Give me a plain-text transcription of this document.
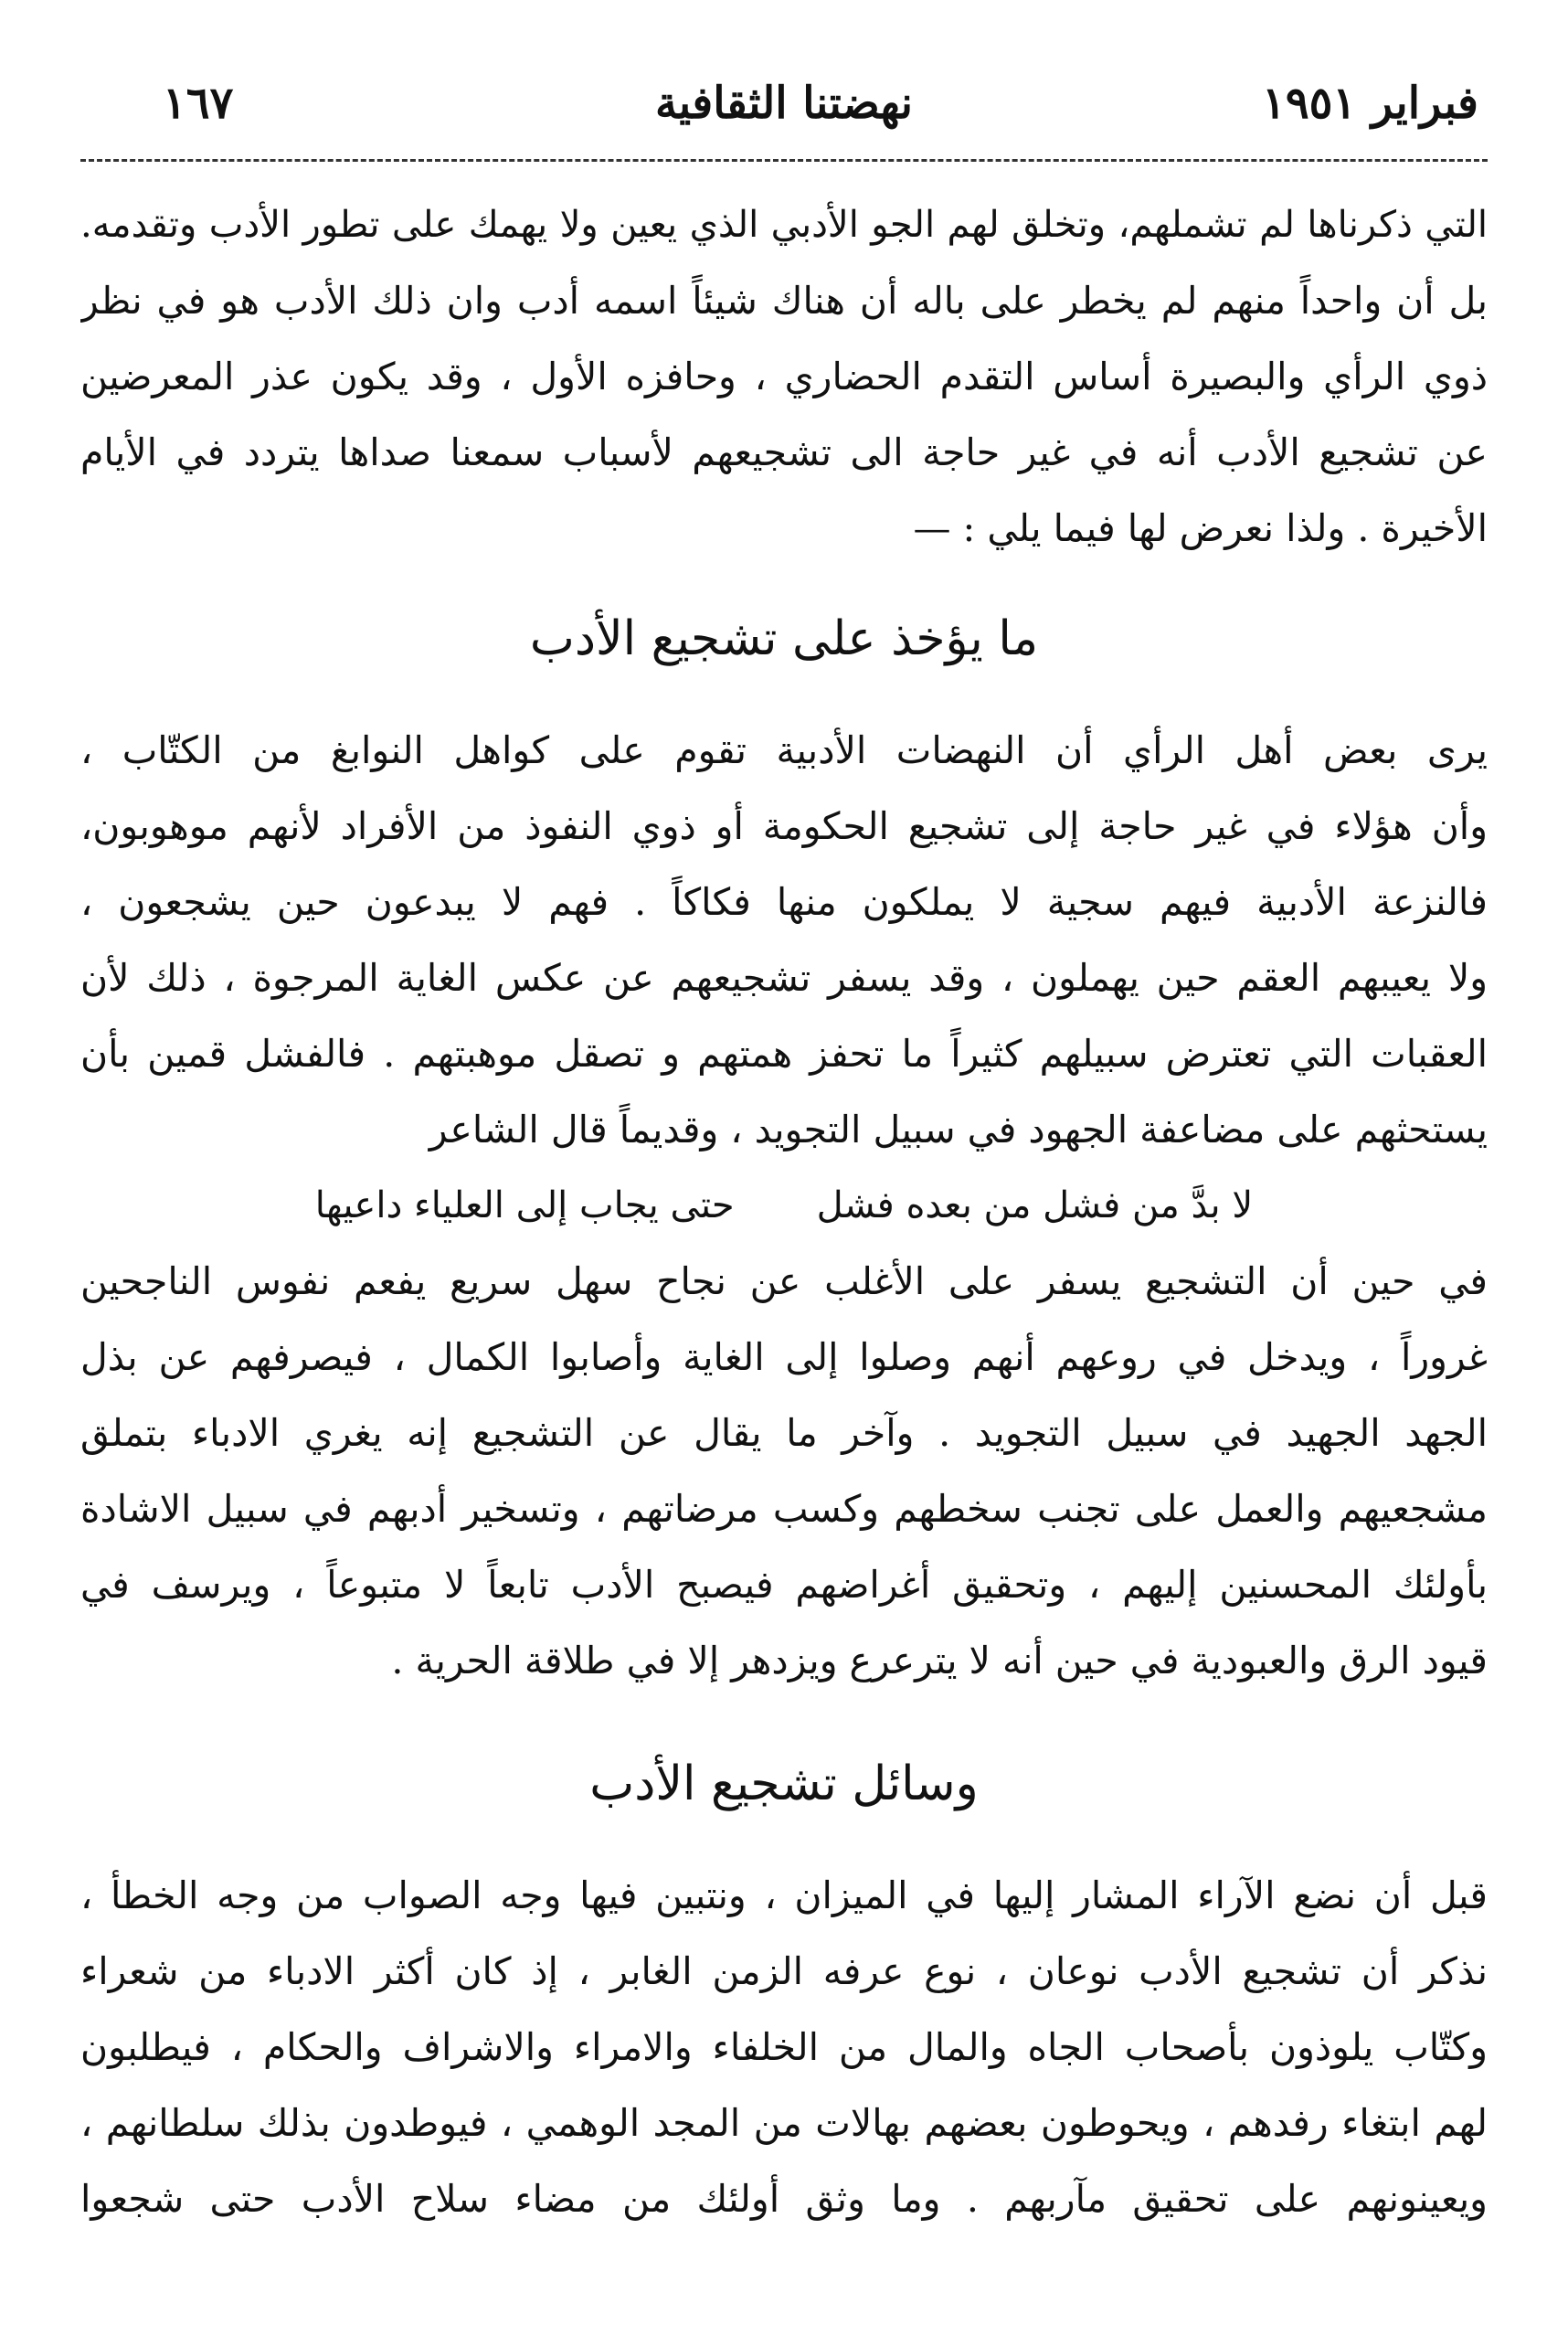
فبراير ١٩٥١
نهضتنا الثقافية
١٦٧
التي ذكرناها لم تشملهم، وتخلق لهم الجو الأدبي الذي يعين ولا يهمك على تطور الأدب وتقدمه.
بل أن واحداً منهم لم يخطر على باله أن هناك شيئاً اسمه أدب وان ذلك الأدب هو في نظر
ذوي الرأي والبصيرة أساس التقدم الحضاري ، وحافزه الأول ، وقد يكون عذر المعرضين
عن تشجيع الأدب أنه في غير حاجة الى تشجيعهم لأسباب سمعنا صداها يتردد في الأيام
الأخيرة . ولذا نعرض لها فيما يلي : —
ما يؤخذ على تشجيع الأدب
يرى بعض أهل الرأي أن النهضات الأدبية تقوم على كواهل النوابغ من الكتّاب ،
وأن هؤلاء في غير حاجة إلى تشجيع الحكومة أو ذوي النفوذ من الأفراد لأنهم موهوبون،
فالنزعة الأدبية فيهم سجية لا يملكون منها فكاكاً . فهم لا يبدعون حين يشجعون ،
ولا يعيبهم العقم حين يهملون ، وقد يسفر تشجيعهم عن عكس الغاية المرجوة ، ذلك لأن
العقبات التي تعترض سبيلهم كثيراً ما تحفز همتهم و تصقل موهبتهم . فالفشل قمين بأن
يستحثهم على مضاعفة الجهود في سبيل التجويد ، وقديماً قال الشاعر
لا بدَّ من فشل من بعده فشلحتى يجاب إلى العلياء داعيها
في حين أن التشجيع يسفر على الأغلب عن نجاح سهل سريع يفعم نفوس الناجحين
غروراً ، ويدخل في روعهم أنهم وصلوا إلى الغاية وأصابوا الكمال ، فيصرفهم عن بذل
الجهد الجهيد في سبيل التجويد . وآخر ما يقال عن التشجيع إنه يغري الادباء بتملق
مشجعيهم والعمل على تجنب سخطهم وكسب مرضاتهم ، وتسخير أدبهم في سبيل الاشادة
بأولئك المحسنين إليهم ، وتحقيق أغراضهم فيصبح الأدب تابعاً لا متبوعاً ، ويرسف في
قيود الرق والعبودية في حين أنه لا يترعرع ويزدهر إلا في طلاقة الحرية .
وسائل تشجيع الأدب
قبل أن نضع الآراء المشار إليها في الميزان ، ونتبين فيها وجه الصواب من وجه الخطأ ،
نذكر أن تشجيع الأدب نوعان ، نوع عرفه الزمن الغابر ، إذ كان أكثر الادباء من شعراء
وكتّاب يلوذون بأصحاب الجاه والمال من الخلفاء والامراء والاشراف والحكام ، فيطلبون
لهم ابتغاء رفدهم ، ويحوطون بعضهم بهالات من المجد الوهمي ، فيوطدون بذلك سلطانهم ،
ويعينونهم على تحقيق مآربهم . وما وثق أولئك من مضاء سلاح الأدب حتى شجعوا
